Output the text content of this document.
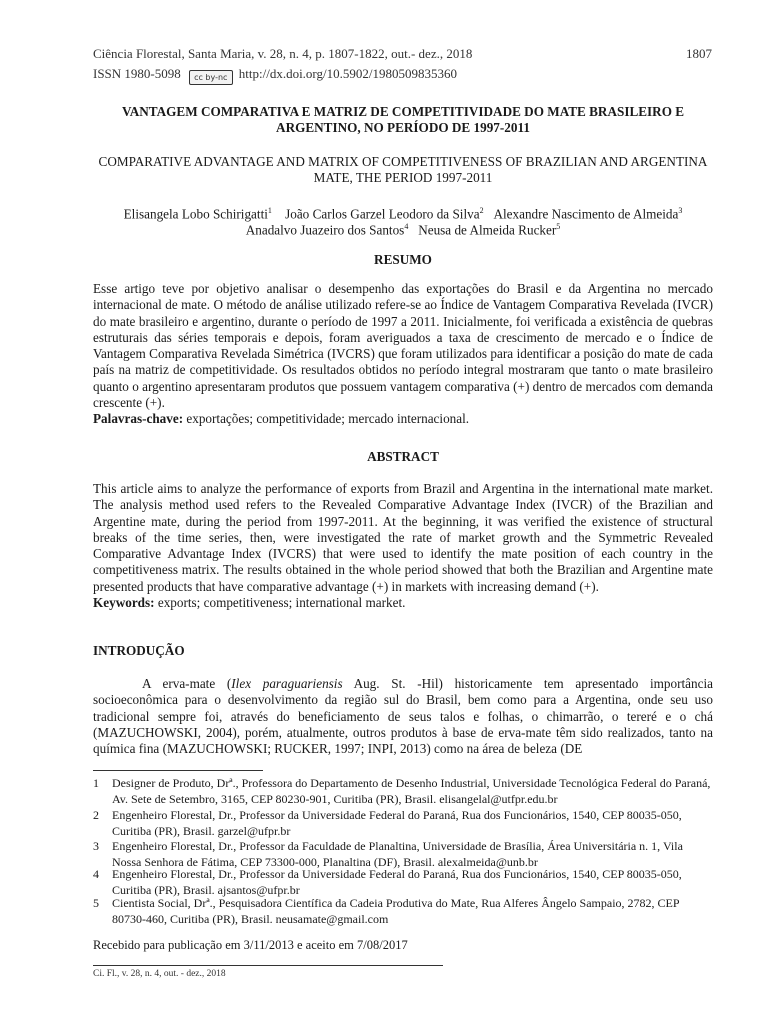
Ciência Florestal, Santa Maria, v. 28, n. 4, p. 1807-1822, out.- dez., 2018	1807
ISSN 1980-5098 cc by-nc http://dx.doi.org/10.5902/1980509835360
VANTAGEM COMPARATIVA E MATRIZ DE COMPETITIVIDADE DO MATE BRASILEIRO E ARGENTINO, NO PERÍODO DE 1997-2011
COMPARATIVE ADVANTAGE AND MATRIX OF COMPETITIVENESS OF BRAZILIAN AND ARGENTINA MATE, THE PERIOD 1997-2011
Elisangela Lobo Schirigatti$^1$ João Carlos Garzel Leodoro da Silva$^2$ Alexandre Nascimento de Almeida$^3$
Anadalvo Juazeiro dos Santos$^4$ Neusa de Almeida Rucker$^5$
RESUMO
Esse artigo teve por objetivo analisar o desempenho das exportações do Brasil e da Argentina no mercado internacional de mate. O método de análise utilizado refere-se ao Índice de Vantagem Comparativa Revelada (IVCR) do mate brasileiro e argentino, durante o período de 1997 a 2011. Inicialmente, foi verificada a existência de quebras estruturais das séries temporais e depois, foram averiguados a taxa de crescimento de mercado e o Índice de Vantagem Comparativa Revelada Simétrica (IVCRS) que foram utilizados para identificar a posição do mate de cada país na matriz de competitividade. Os resultados obtidos no período integral mostraram que tanto o mate brasileiro quanto o argentino apresentaram produtos que possuem vantagem comparativa (+) dentro de mercados com demanda crescente (+).
Palavras-chave: exportações; competitividade; mercado internacional.
ABSTRACT
This article aims to analyze the performance of exports from Brazil and Argentina in the international mate market. The analysis method used refers to the Revealed Comparative Advantage Index (IVCR) of the Brazilian and Argentine mate, during the period from 1997-2011. At the beginning, it was verified the existence of structural breaks of the time series, then, were investigated the rate of market growth and the Symmetric Revealed Comparative Advantage Index (IVCRS) that were used to identify the mate position of each country in the competitiveness matrix. The results obtained in the whole period showed that both the Brazilian and Argentine mate presented products that have comparative advantage (+) in markets with increasing demand (+).
Keywords: exports; competitiveness; international market.
INTRODUÇÃO
A erva-mate (Ilex paraguariensis Aug. St. -Hil) historicamente tem apresentado importância socioeconômica para o desenvolvimento da região sul do Brasil, bem como para a Argentina, onde seu uso tradicional sempre foi, através do beneficiamento de seus talos e folhas, o chimarrão, o tereré e o chá (MAZUCHOWSKI, 2004), porém, atualmente, outros produtos à base de erva-mate têm sido realizados, tanto na química fina (MAZUCHOWSKI; RUCKER, 1997; INPI, 2013) como na área de beleza (DE
1 Designer de Produto, Drª., Professora do Departamento de Desenho Industrial, Universidade Tecnológica Federal do Paraná, Av. Sete de Setembro, 3165, CEP 80230-901, Curitiba (PR), Brasil. elisangelal@utfpr.edu.br
2 Engenheiro Florestal, Dr., Professor da Universidade Federal do Paraná, Rua dos Funcionários, 1540, CEP 80035-050, Curitiba (PR), Brasil. garzel@ufpr.br
3 Engenheiro Florestal, Dr., Professor da Faculdade de Planaltina, Universidade de Brasília, Área Universitária n. 1, Vila Nossa Senhora de Fátima, CEP 73300-000, Planaltina (DF), Brasil. alexalmeida@unb.br
4 Engenheiro Florestal, Dr., Professor da Universidade Federal do Paraná, Rua dos Funcionários, 1540, CEP 80035-050, Curitiba (PR), Brasil. ajsantos@ufpr.br
5 Cientista Social, Drª., Pesquisadora Científica da Cadeia Produtiva do Mate, Rua Alferes Ângelo Sampaio, 2782, CEP 80730-460, Curitiba (PR), Brasil. neusamate@gmail.com
Recebido para publicação em 3/11/2013 e aceito em 7/08/2017
Ci. Fl., v. 28, n. 4, out. - dez., 2018
